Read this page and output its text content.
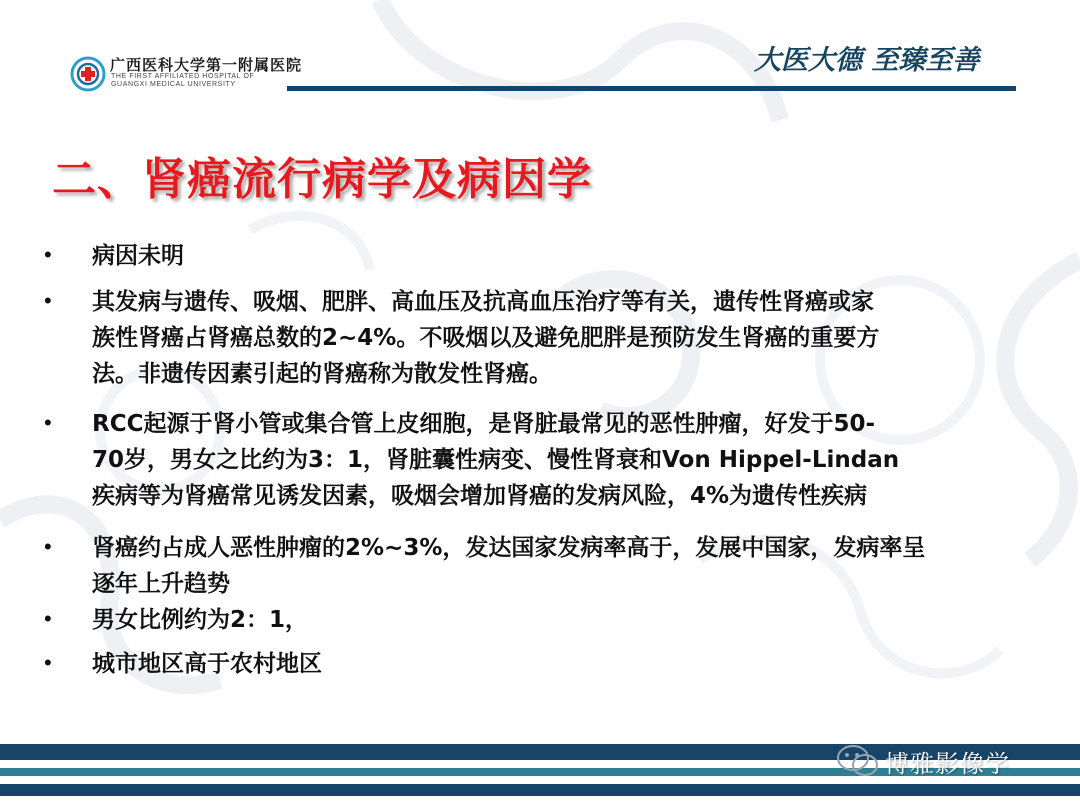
广西医科大学第一附属医院
THE FIRST AFFILIATED HOSPITAL OF
GUANGXI MEDICAL UNIVERSITY
大医大德 至臻至善
二、肾癌流行病学及病因学
• 病因未明
• 其发病与遗传、吸烟、肥胖、高血压及抗高血压治疗等有关，遗传性肾癌或家
族性肾癌占肾癌总数的2~4%。不吸烟以及避免肥胖是预防发生肾癌的重要方
法。非遗传因素引起的肾癌称为散发性肾癌。
• RCC起源于肾小管或集合管上皮细胞，是肾脏最常见的恶性肿瘤，好发于50-
70岁，男女之比约为3：1，肾脏囊性病变、慢性肾衰和Von Hippel-Lindan
疾病等为肾癌常见诱发因素，吸烟会增加肾癌的发病风险，4%为遗传性疾病
• 肾癌约占成人恶性肿瘤的2%~3%，发达国家发病率高于，发展中国家，发病率呈
逐年上升趋势
• 男女比例约为2：1，
• 城市地区高于农村地区
博雅影像学
